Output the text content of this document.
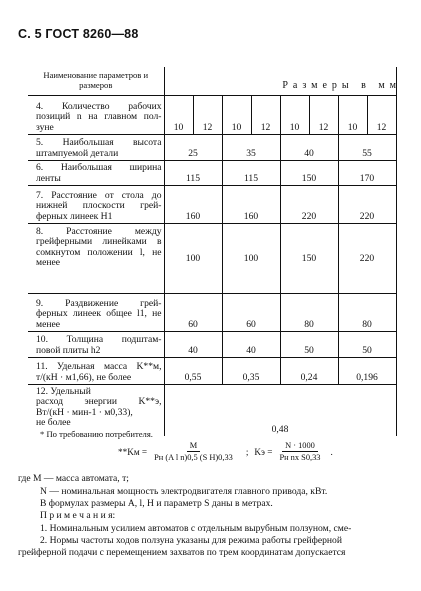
С. 5 ГОСТ 8260—88
Размеры в мм
Наименование параметров и размеров								

4. Количество рабочих
позиций n на главном пол-
зуне	10	12	10	12	10	12	10	12

5. Наибольшая высота
штампуемой детали	25		35		40		55	

6. Наибольшая ширина
ленты	115		115		150		170	

7. Расстояние от стола до
нижней плоскости грей-
ферных линеек H1	160		160		220		220	

8. Расстояние между
грейферными линейками в
сомкнутом положении l, не
менее	100		100		150		220	

9. Раздвижение грей-
ферных линеек общее l1, не
менее	60		60		80		80	

10. Толщина подштам-
повой плиты h2	40		40		50		50	

11. Удельная масса K**м,
т/(кН · м1,66), не более	0,55		0,35		0,24		0,196	

12. Удельный
расход энергии K**э,
Вт/(кН · мин-1 · м0,33),
не более	0,48							
* По требованию потребителя.
$**Kм = \frac{M}{\text{Pн (A l n)0,5 (S H)0,33}}$ ; Kэ = $\frac{N \cdot 1000}{\text{Pн nх S0,33}}$ .
где M — масса автомата, т;
N — номинальная мощность электродвигателя главного привода, кВт.
В формулах размеры A, l, H и параметр S даны в метрах.
П р и м е ч а н и я:
1. Номинальным усилием автоматов с отдельным вырубным ползуном, сме-
2. Нормы частоты ходов ползуна указаны для режима работы грейферной
грейферной подачи с перемещением захватов по трем координатам допускается
